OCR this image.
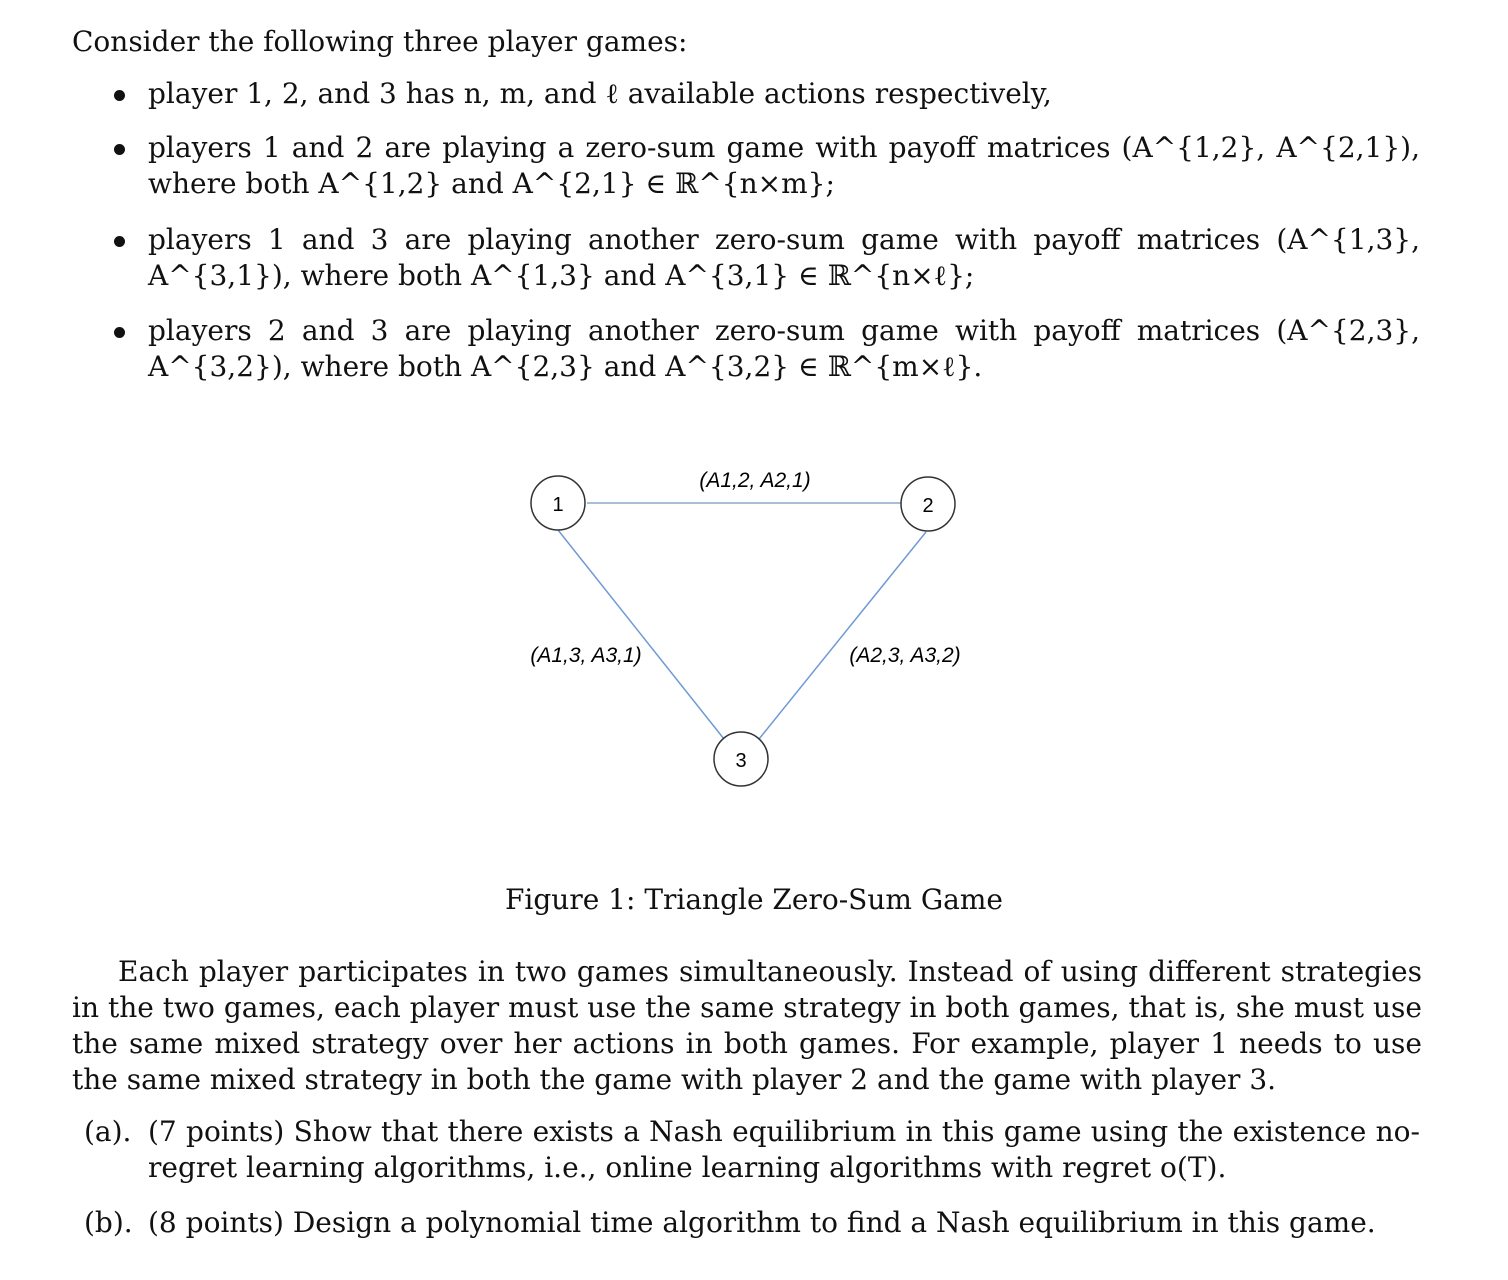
Consider the following three player games:
player 1, 2, and 3 has n, m, and ℓ available actions respectively,
players 1 and 2 are playing a zero-sum game with payoff matrices (A^{1,2}, A^{2,1}), where both A^{1,2} and A^{2,1} ∈ ℝ^{n×m};
players 1 and 3 are playing another zero-sum game with payoff matrices (A^{1,3}, A^{3,1}), where both A^{1,3} and A^{3,1} ∈ ℝ^{n×ℓ};
players 2 and 3 are playing another zero-sum game with payoff matrices (A^{2,3}, A^{3,2}), where both A^{2,3} and A^{3,2} ∈ ℝ^{m×ℓ}.
1	2
3
(A1,2, A2,1)
(A1,3, A3,1)	(A2,3, A3,2)
Figure 1: Triangle Zero-Sum Game
Each player participates in two games simultaneously. Instead of using different strategies in the two games, each player must use the same strategy in both games, that is, she must use the same mixed strategy over her actions in both games. For example, player 1 needs to use the same mixed strategy in both the game with player 2 and the game with player 3.
(a). (7 points) Show that there exists a Nash equilibrium in this game using the existence no-regret learning algorithms, i.e., online learning algorithms with regret o(T).
(b). (8 points) Design a polynomial time algorithm to find a Nash equilibrium in this game.
